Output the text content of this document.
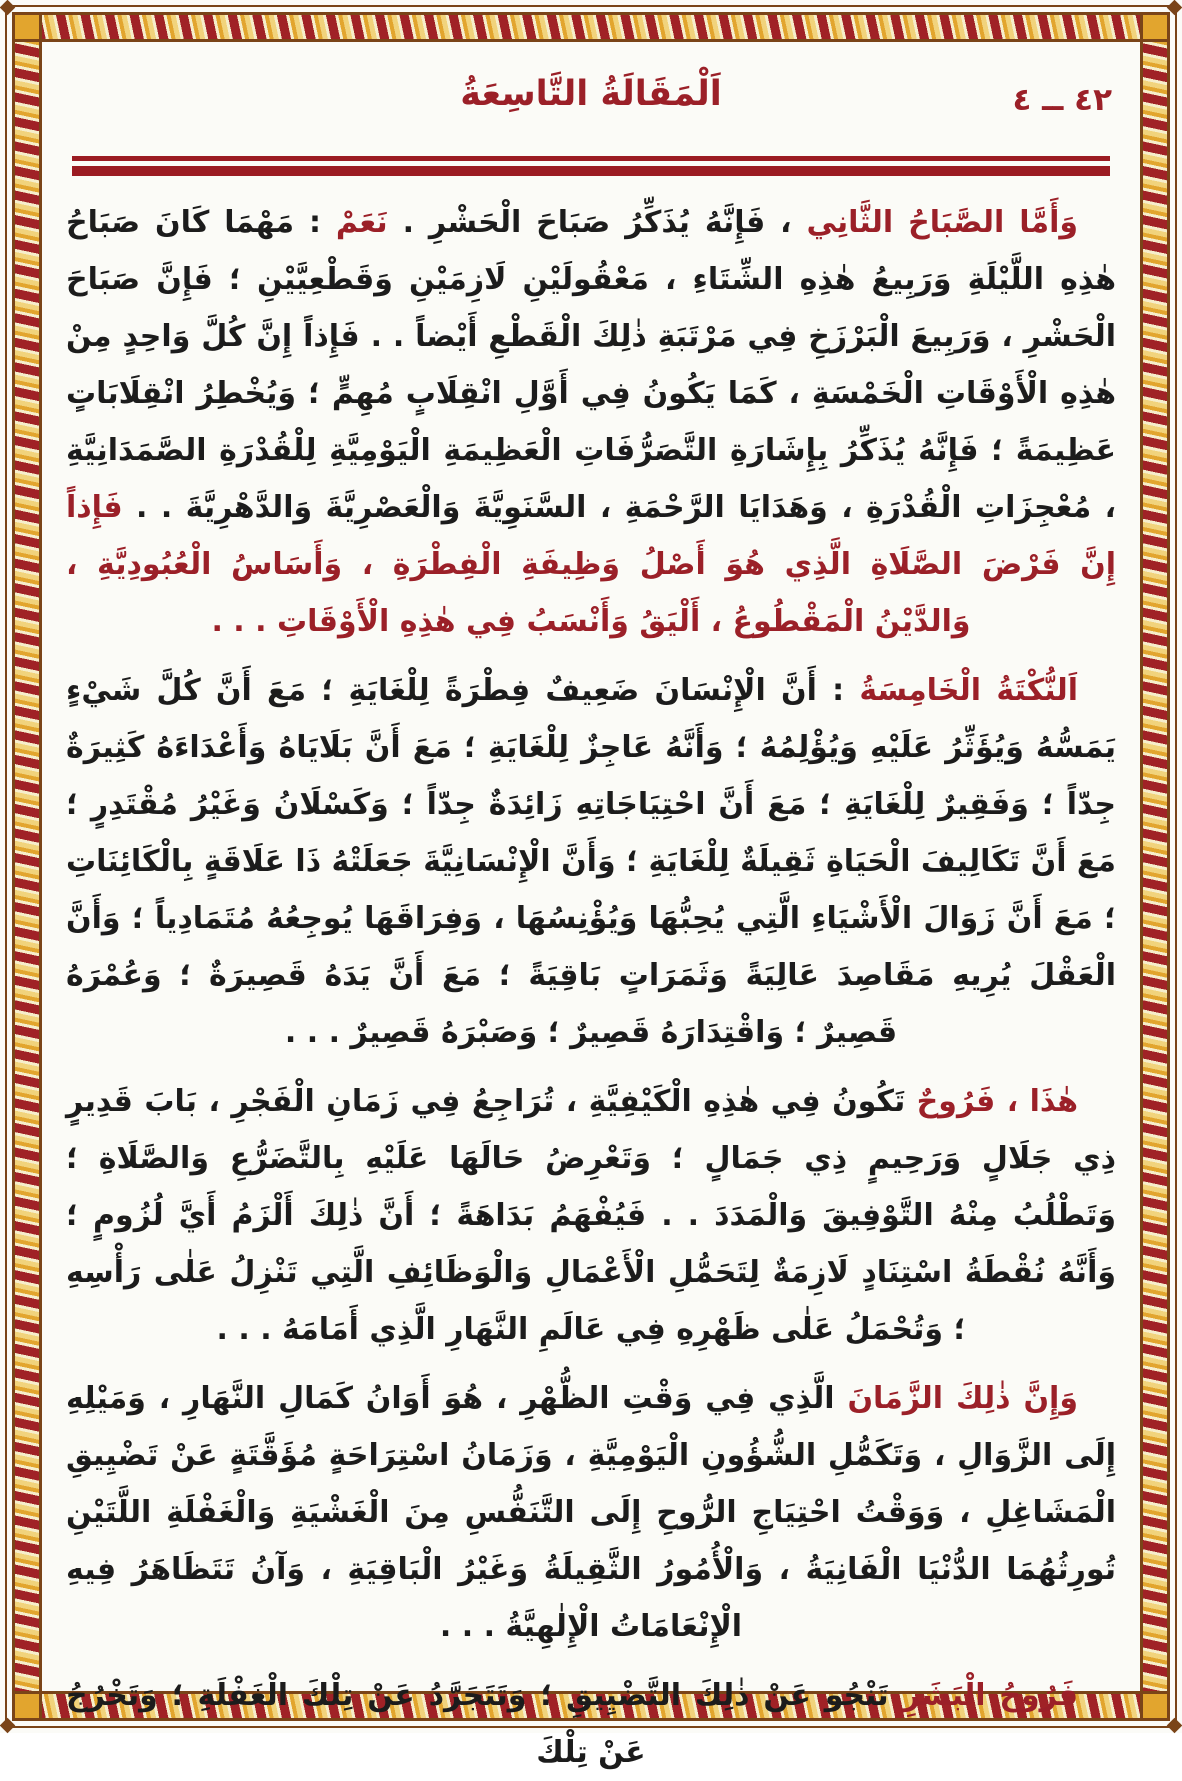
٤٢ ــ ٤
اَلْمَقَالَةُ التَّاسِعَةُ

وَأَمَّا الصَّبَاحُ الثَّانِي ، فَإِنَّهُ يُذَكِّرُ صَبَاحَ الْحَشْرِ . نَعَمْ : مَهْمَا كَانَ صَبَاحُ هٰذِهِ اللَّيْلَةِ وَرَبِيعُ هٰذِهِ الشِّتَاءِ ، مَعْقُولَيْنِ لَازِمَيْنِ وَقَطْعِيَّيْنِ ؛ فَإِنَّ صَبَاحَ الْحَشْرِ ، وَرَبِيعَ الْبَرْزَخِ فِي مَرْتَبَةِ ذٰلِكَ الْقَطْعِ أَيْضاً . . فَإِذاً إِنَّ كُلَّ وَاحِدٍ مِنْ هٰذِهِ الْأَوْقَاتِ الْخَمْسَةِ ، كَمَا يَكُونُ فِي أَوَّلِ انْقِلَابٍ مُهِمٍّ ؛ وَيُخْطِرُ انْقِلَابَاتٍ عَظِيمَةً ؛ فَإِنَّهُ يُذَكِّرُ بِإِشَارَةِ التَّصَرُّفَاتِ الْعَظِيمَةِ الْيَوْمِيَّةِ لِلْقُدْرَةِ الصَّمَدَانِيَّةِ ، مُعْجِزَاتِ الْقُدْرَةِ ، وَهَدَايَا الرَّحْمَةِ ، السَّنَوِيَّةَ وَالْعَصْرِيَّةَ وَالدَّهْرِيَّةَ . . فَإِذاً إِنَّ فَرْضَ الصَّلَاةِ الَّذِي هُوَ أَصْلُ وَظِيفَةِ الْفِطْرَةِ ، وَأَسَاسُ الْعُبُودِيَّةِ ، وَالدَّيْنُ الْمَقْطُوعُ ، أَلْيَقُ وَأَنْسَبُ فِي هٰذِهِ الْأَوْقَاتِ . . .

اَلنُّكْتَةُ الْخَامِسَةُ : أَنَّ الْإِنْسَانَ ضَعِيفٌ فِطْرَةً لِلْغَايَةِ ؛ مَعَ أَنَّ كُلَّ شَيْءٍ يَمَسُّهُ وَيُؤَثِّرُ عَلَيْهِ وَيُؤْلِمُهُ ؛ وَأَنَّهُ عَاجِزٌ لِلْغَايَةِ ؛ مَعَ أَنَّ بَلَايَاهُ وَأَعْدَاءَهُ كَثِيرَةٌ جِدّاً ؛ وَفَقِيرٌ لِلْغَايَةِ ؛ مَعَ أَنَّ احْتِيَاجَاتِهِ زَائِدَةٌ جِدّاً ؛ وَكَسْلَانُ وَغَيْرُ مُقْتَدِرٍ ؛ مَعَ أَنَّ تَكَالِيفَ الْحَيَاةِ ثَقِيلَةٌ لِلْغَايَةِ ؛ وَأَنَّ الْإِنْسَانِيَّةَ جَعَلَتْهُ ذَا عَلَاقَةٍ بِالْكَائِنَاتِ ؛ مَعَ أَنَّ زَوَالَ الْأَشْيَاءِ الَّتِي يُحِبُّهَا وَيُؤْنِسُهَا ، وَفِرَاقَهَا يُوجِعُهُ مُتَمَادِياً ؛ وَأَنَّ الْعَقْلَ يُرِيهِ مَقَاصِدَ عَالِيَةً وَثَمَرَاتٍ بَاقِيَةً ؛ مَعَ أَنَّ يَدَهُ قَصِيرَةٌ ؛ وَعُمْرَهُ قَصِيرٌ ؛ وَاقْتِدَارَهُ قَصِيرٌ ؛ وَصَبْرَهُ قَصِيرٌ . . .

هٰذَا ، فَرُوحٌ تَكُونُ فِي هٰذِهِ الْكَيْفِيَّةِ ، تُرَاجِعُ فِي زَمَانِ الْفَجْرِ ، بَابَ قَدِيرٍ ذِي جَلَالٍ وَرَحِيمٍ ذِي جَمَالٍ ؛ وَتَعْرِضُ حَالَهَا عَلَيْهِ بِالتَّضَرُّعِ وَالصَّلَاةِ ؛ وَتَطْلُبُ مِنْهُ التَّوْفِيقَ وَالْمَدَدَ . . فَيُفْهَمُ بَدَاهَةً ؛ أَنَّ ذٰلِكَ أَلْزَمُ أَيَّ لُزُومٍ ؛ وَأَنَّهُ نُقْطَةُ اسْتِنَادٍ لَازِمَةٌ لِتَحَمُّلِ الْأَعْمَالِ وَالْوَظَائِفِ الَّتِي تَنْزِلُ عَلٰى رَأْسِهِ ؛ وَتُحْمَلُ عَلٰى ظَهْرِهِ فِي عَالَمِ النَّهَارِ الَّذِي أَمَامَهُ . . .

وَإِنَّ ذٰلِكَ الزَّمَانَ الَّذِي فِي وَقْتِ الظُّهْرِ ، هُوَ أَوَانُ كَمَالِ النَّهَارِ ، وَمَيْلِهِ إِلَى الزَّوَالِ ، وَتَكَمُّلِ الشُّؤُونِ الْيَوْمِيَّةِ ، وَزَمَانُ اسْتِرَاحَةٍ مُؤَقَّتَةٍ عَنْ تَضْيِيقِ الْمَشَاغِلِ ، وَوَقْتُ احْتِيَاجِ الرُّوحِ إِلَى التَّنَفُّسِ مِنَ الْغَشْيَةِ وَالْغَفْلَةِ اللَّتَيْنِ تُورِثُهُمَا الدُّنْيَا الْفَانِيَةُ ، وَالْأُمُورُ الثَّقِيلَةُ وَغَيْرُ الْبَاقِيَةِ ، وَآنُ تَتَظَاهَرُ فِيهِ الْإِنْعَامَاتُ الْإِلٰهِيَّةُ . . .

فَرُوحُ الْبَشَرِ تَنْجُو عَنْ ذٰلِكَ التَّضْيِيقِ ؛ وَتَتَجَرَّدُ عَنْ تِلْكَ الْغَفْلَةِ ؛ وَتَخْرُجُ عَنْ تِلْكَ
